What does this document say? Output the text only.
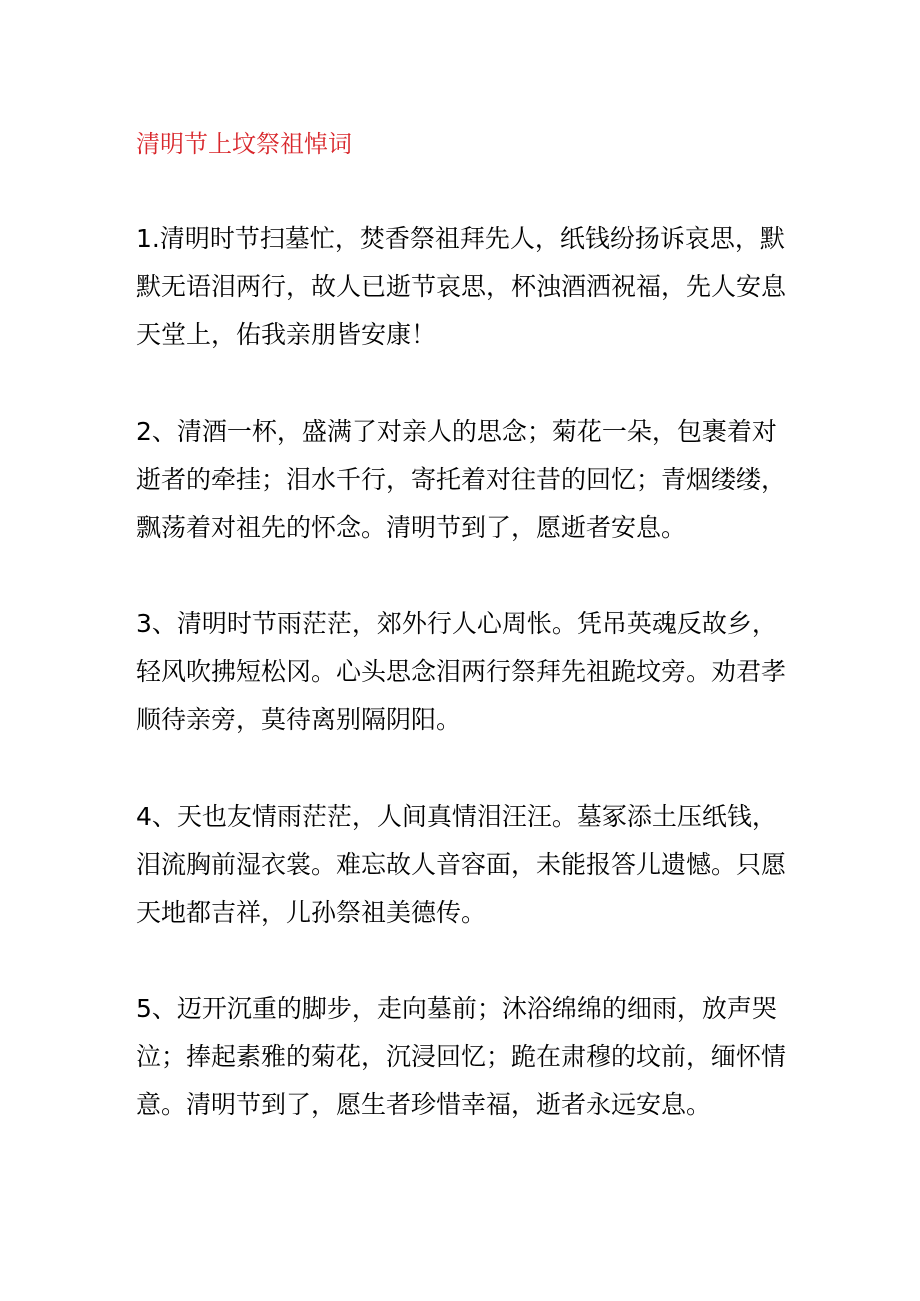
清明节上坟祭祖悼词
1.清明时节扫墓忙，焚香祭祖拜先人，纸钱纷扬诉哀思，默
默无语泪两行，故人已逝节哀思，杯浊酒洒祝福，先人安息
天堂上，佑我亲朋皆安康！
2、清酒一杯，盛满了对亲人的思念；菊花一朵，包裹着对
逝者的牵挂；泪水千行，寄托着对往昔的回忆；青烟缕缕，
飘荡着对祖先的怀念。清明节到了，愿逝者安息。
3、清明时节雨茫茫，郊外行人心周怅。凭吊英魂反故乡，
轻风吹拂短松冈。心头思念泪两行祭拜先祖跪坟旁。劝君孝
顺待亲旁，莫待离别隔阴阳。
4、天也友情雨茫茫，人间真情泪汪汪。墓冢添土压纸钱，
泪流胸前湿衣裳。难忘故人音容面，未能报答儿遗憾。只愿
天地都吉祥，儿孙祭祖美德传。
5、迈开沉重的脚步，走向墓前；沐浴绵绵的细雨，放声哭
泣；捧起素雅的菊花，沉浸回忆；跪在肃穆的坟前，缅怀情
意。清明节到了，愿生者珍惜幸福，逝者永远安息。
